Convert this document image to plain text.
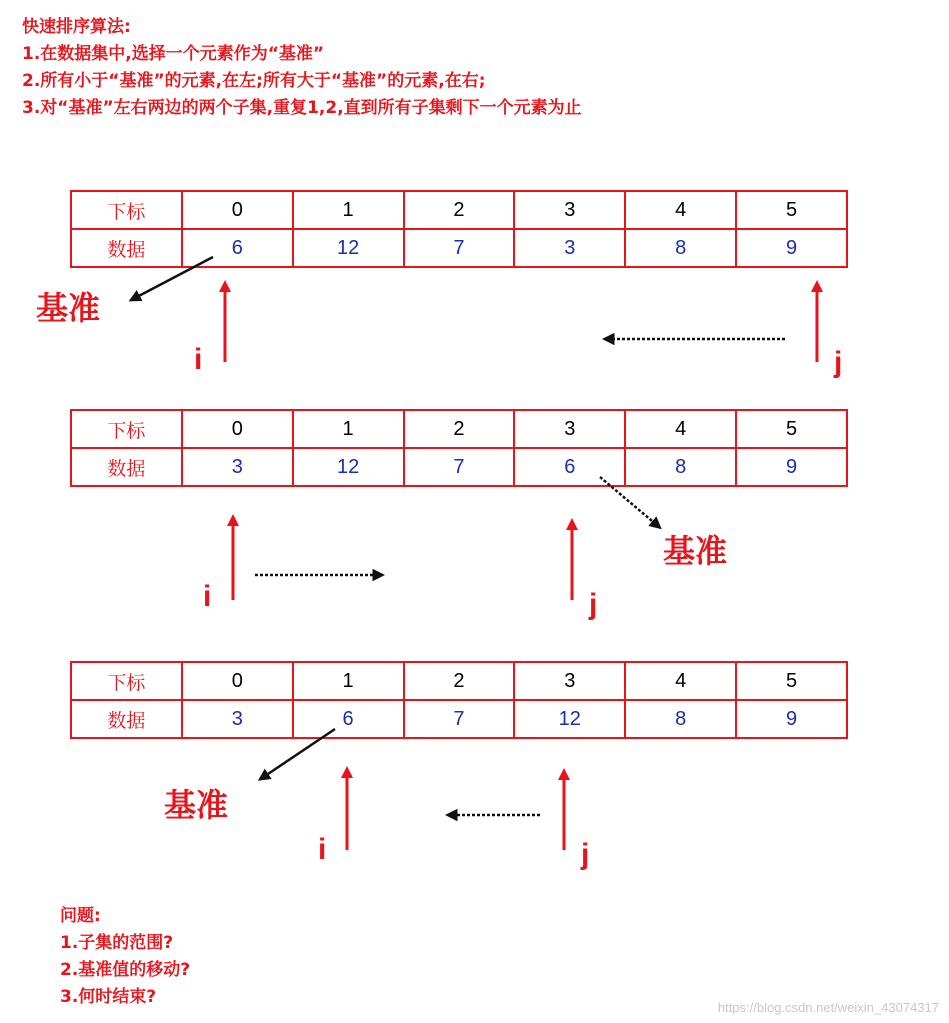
快速排序算法:
1.在数据集中,选择一个元素作为“基准”
2.所有小于“基准”的元素,在左;所有大于“基准”的元素,在右;
3.对“基准”左右两边的两个子集,重复1,2,直到所有子集剩下一个元素为止
下标	0	1	2	3	4	5
数据	6	12	7	3	8	9
下标	0	1	2	3	4	5
数据	3	12	7	6	8	9
下标	0	1	2	3	4	5
数据	3	6	7	12	8	9
基准
i	j
基准
i	j
基准
i	j
问题:
1.子集的范围?
2.基准值的移动?
3.何时结束?
https://blog.csdn.net/weixin_43074317
